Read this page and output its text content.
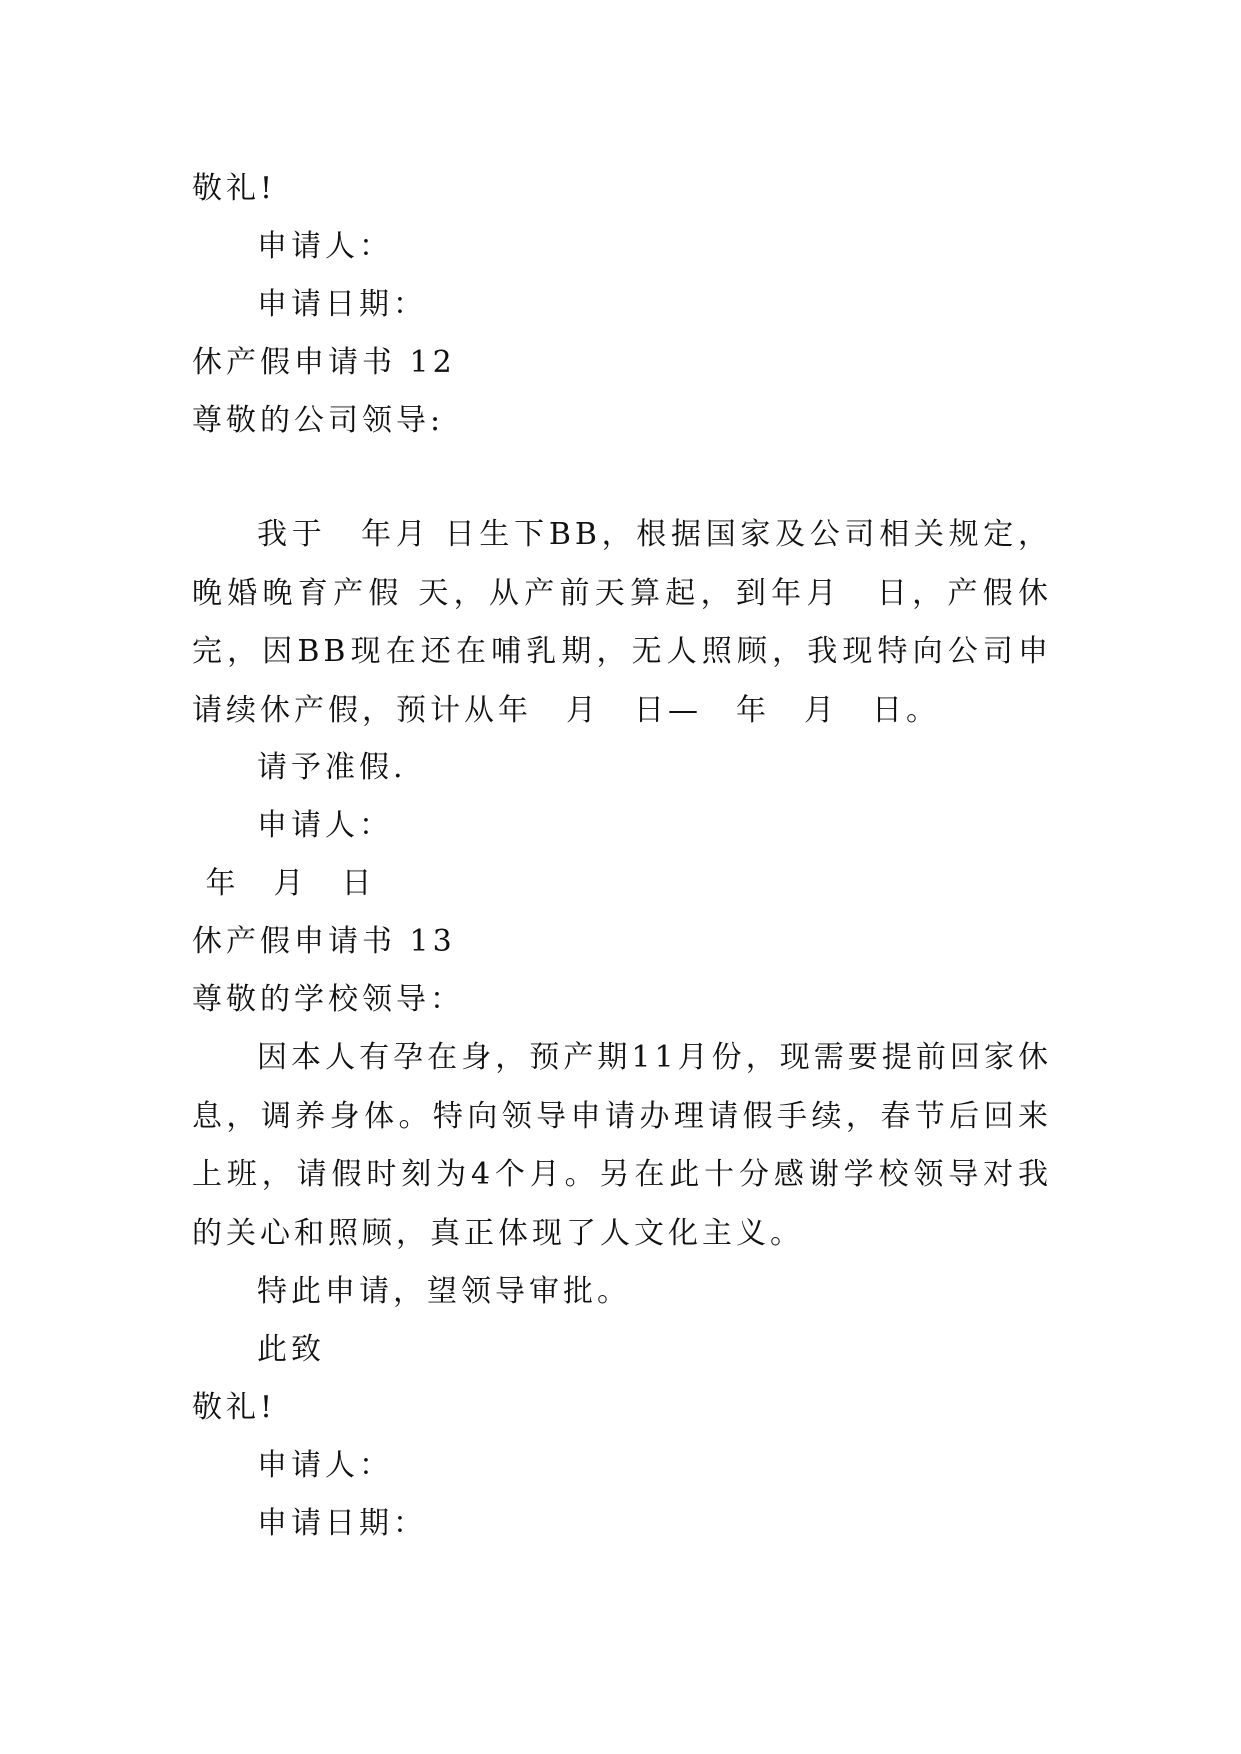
敬礼!

申请人：

申请日期：

休产假申请书 12

尊敬的公司领导:

我于　年月 日生下BB，根据国家及公司相关规定，晚婚晚育产假 天，从产前天算起，到年月　日，产假休完，因BB现在还在哺乳期，无人照顾，我现特向公司申请续休产假，预计从年　月　日—　年　月　日。

请予准假.

申请人：

年　月　日

休产假申请书 13

尊敬的学校领导：

因本人有孕在身，预产期11月份，现需要提前回家休息，调养身体。特向领导申请办理请假手续，春节后回来上班，请假时刻为4个月。另在此十分感谢学校领导对我的关心和照顾，真正体现了人文化主义。

特此申请，望领导审批。

此致

敬礼!

申请人：

申请日期：
